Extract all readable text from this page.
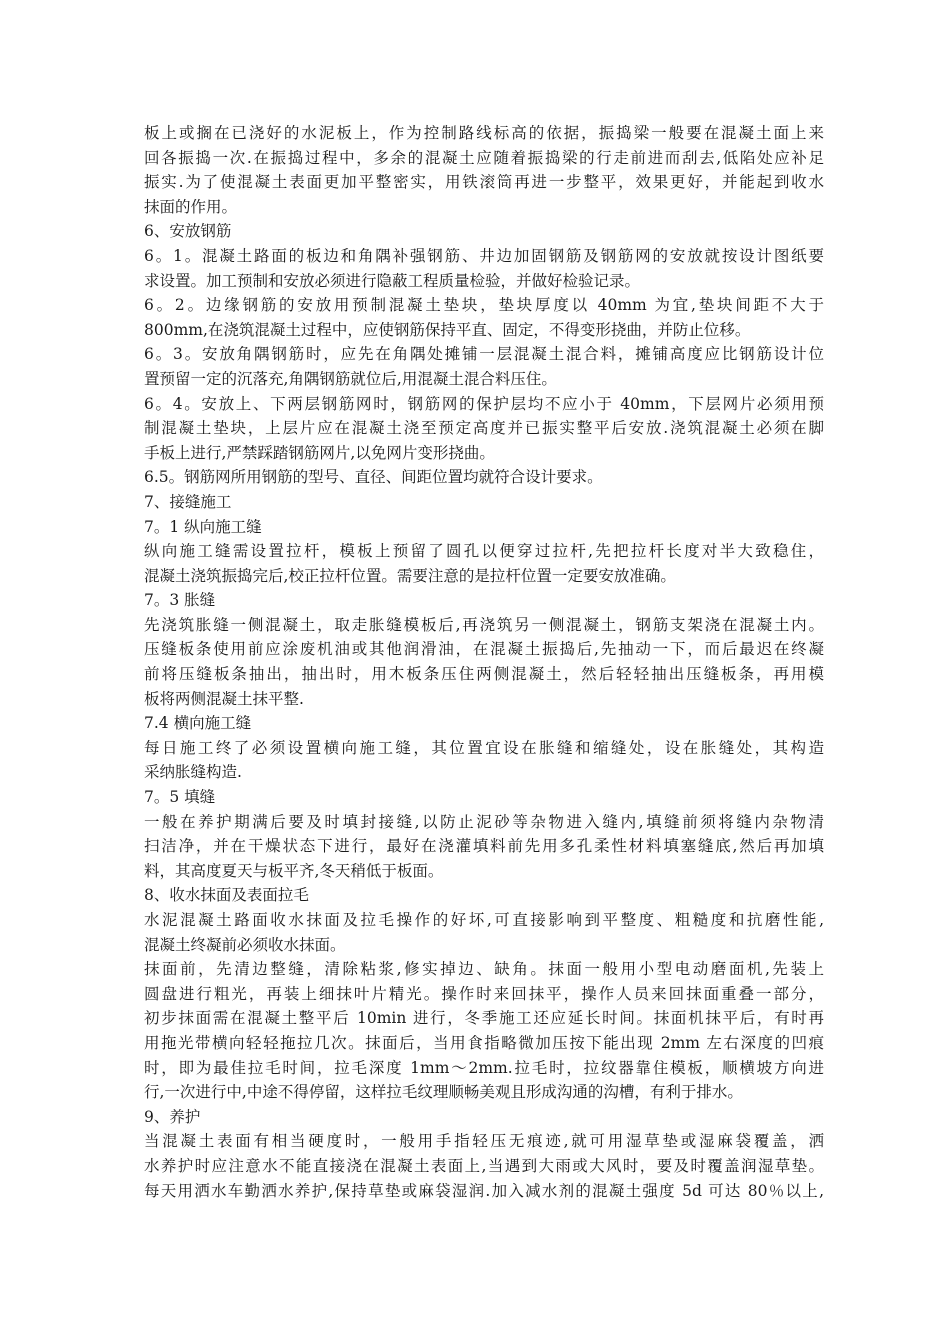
板上或搁在已浇好的水泥板上，作为控制路线标高的依据，振捣梁一般要在混凝土面上来
回各振捣一次.在振捣过程中，多余的混凝土应随着振捣梁的行走前进而刮去,低陷处应补足
振实.为了使混凝土表面更加平整密实，用铁滚筒再进一步整平，效果更好，并能起到收水
抹面的作用。
6、安放钢筋
6。1。混凝土路面的板边和角隅补强钢筋、井边加固钢筋及钢筋网的安放就按设计图纸要
求设置。加工预制和安放必须进行隐蔽工程质量检验，并做好检验记录。
6。2。边缘钢筋的安放用预制混凝土垫块，垫块厚度以 40mm 为宜,垫块间距不大于
800mm,在浇筑混凝土过程中，应使钢筋保持平直、固定，不得变形挠曲，并防止位移。
6。3。安放角隅钢筋时，应先在角隅处摊铺一层混凝土混合料，摊铺高度应比钢筋设计位
置预留一定的沉落充,角隅钢筋就位后,用混凝土混合料压住。
6。4。安放上、下两层钢筋网时，钢筋网的保护层均不应小于 40mm，下层网片必须用预
制混凝土垫块，上层片应在混凝土浇至预定高度并已振实整平后安放.浇筑混凝土必须在脚
手板上进行,严禁踩踏钢筋网片,以免网片变形挠曲。
6.5。钢筋网所用钢筋的型号、直径、间距位置均就符合设计要求。
7、接缝施工
7。1 纵向施工缝
纵向施工缝需设置拉杆，模板上预留了圆孔以便穿过拉杆,先把拉杆长度对半大致稳住，
混凝土浇筑振捣完后,校正拉杆位置。需要注意的是拉杆位置一定要安放准确。
7。3 胀缝
先浇筑胀缝一侧混凝土，取走胀缝模板后,再浇筑另一侧混凝土，钢筋支架浇在混凝土内。
压缝板条使用前应涂废机油或其他润滑油，在混凝土振捣后,先抽动一下，而后最迟在终凝
前将压缝板条抽出，抽出时，用木板条压住两侧混凝土，然后轻轻抽出压缝板条，再用模
板将两侧混凝土抹平整.
7.4 横向施工缝
每日施工终了必须设置横向施工缝，其位置宜设在胀缝和缩缝处，设在胀缝处，其构造
采纳胀缝构造.
7。5 填缝
一般在养护期满后要及时填封接缝,以防止泥砂等杂物进入缝内,填缝前须将缝内杂物清
扫洁净，并在干燥状态下进行，最好在浇灌填料前先用多孔柔性材料填塞缝底,然后再加填
料，其高度夏天与板平齐,冬天稍低于板面。
8、收水抹面及表面拉毛
水泥混凝土路面收水抹面及拉毛操作的好坏,可直接影响到平整度、粗糙度和抗磨性能,
混凝土终凝前必须收水抹面。
抹面前，先清边整缝，清除粘浆,修实掉边、缺角。抹面一般用小型电动磨面机,先装上
圆盘进行粗光，再装上细抹叶片精光。操作时来回抹平，操作人员来回抹面重叠一部分，
初步抹面需在混凝土整平后 10min 进行，冬季施工还应延长时间。抹面机抹平后，有时再
用拖光带横向轻轻拖拉几次。抹面后，当用食指略微加压按下能出现 2mm 左右深度的凹痕
时，即为最佳拉毛时间，拉毛深度 1mm～2mm.拉毛时，拉纹器靠住模板，顺横坡方向进
行,一次进行中,中途不得停留，这样拉毛纹理顺畅美观且形成沟通的沟槽，有利于排水。
9、养护
当混凝土表面有相当硬度时，一般用手指轻压无痕迹,就可用湿草垫或湿麻袋覆盖，洒
水养护时应注意水不能直接浇在混凝土表面上,当遇到大雨或大风时，要及时覆盖润湿草垫。
每天用洒水车勤洒水养护,保持草垫或麻袋湿润.加入减水剂的混凝土强度 5d 可达 80％以上,
